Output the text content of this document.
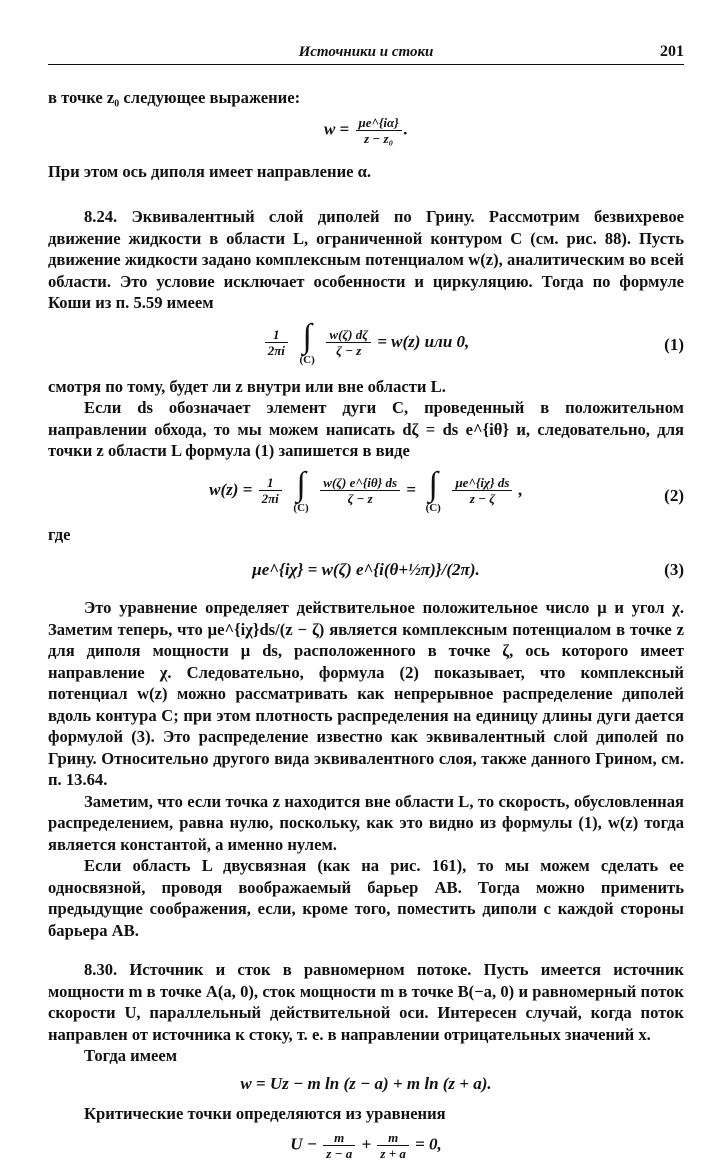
Источники и стоки	201

в точке z₀ следующее выражение:

$w = \frac{\mu e\^{}\{i\alpha\}}{\text{z − z₀}}$ .

При этом ось диполя имеет направление α.

8.24. Эквивалентный слой диполей по Грину. Рассмотрим безвихревое движение жидкости в области L, ограниченной контуром C (см. рис. 88). Пусть движение жидкости задано комплексным потенциалом w(z), аналитическим во всей области. Это условие исключает особенности и циркуляцию. Тогда по формуле Коши из п. 5.59 имеем

$\frac{1}{2\pi i}$
∫
(C)

$\frac{w(\zeta) d\zeta}{\zeta - z} = w(z)$ или 0,	(1)

смотря по тому, будет ли z внутри или вне области L.

Если ds обозначает элемент дуги C, проведенный в положительном направлении обхода, то мы можем написать dζ = ds e^{iθ} и, следовательно, для точки z области L формула (1) запишется в виде

$w(z) = \frac{1}{2\pi i}$
∫
(C)

$\frac{w(\zeta) e\^{}\{i\theta\} ds}{\zeta - z}$ = ∫
(C)

$\frac{\mu e\^{}\{i\chi\} ds}{z - \zeta}$ ,	(2)

где

μe^{iχ} = w(ζ) e^{i(θ+½π)}/(2π).	(3)

Это уравнение определяет действительное положительное число μ и угол χ. Заметим теперь, что μe^{iχ}ds/(z − ζ) является комплексным потенциалом в точке z для диполя мощности μ ds, расположенного в точке ζ, ось которого имеет направление χ. Следовательно, формула (2) показывает, что комплексный потенциал w(z) можно рассматривать как непрерывное распределение диполей вдоль контура C; при этом плотность распределения на единицу длины дуги дается формулой (3). Это распределение известно как эквивалентный слой диполей по Грину. Относительно другого вида эквивалентного слоя, также данного Грином, см. п. 13.64.

Заметим, что если точка z находится вне области L, то скорость, обусловленная распределением, равна нулю, поскольку, как это видно из формулы (1), w(z) тогда является константой, а именно нулем.

Если область L двусвязная (как на рис. 161), то мы можем сделать ее односвязной, проводя воображаемый барьер AB. Тогда можно применить предыдущие соображения, если, кроме того, поместить диполи с каждой стороны барьера AB.

8.30. Источник и сток в равномерном потоке. Пусть имеется источник мощности m в точке A(a, 0), сток мощности m в точке B(−a, 0) и равномерный поток скорости U, параллельный действительной оси. Интересен случай, когда поток направлен от источника к стоку, т. е. в направлении отрицательных значений x.

Тогда имеем

w = Uz − m ln (z − a) + m ln (z + a).

Критические точки определяются из уравнения

$U - \frac{m}{z - a} + \frac{m}{z + a} = 0$,
